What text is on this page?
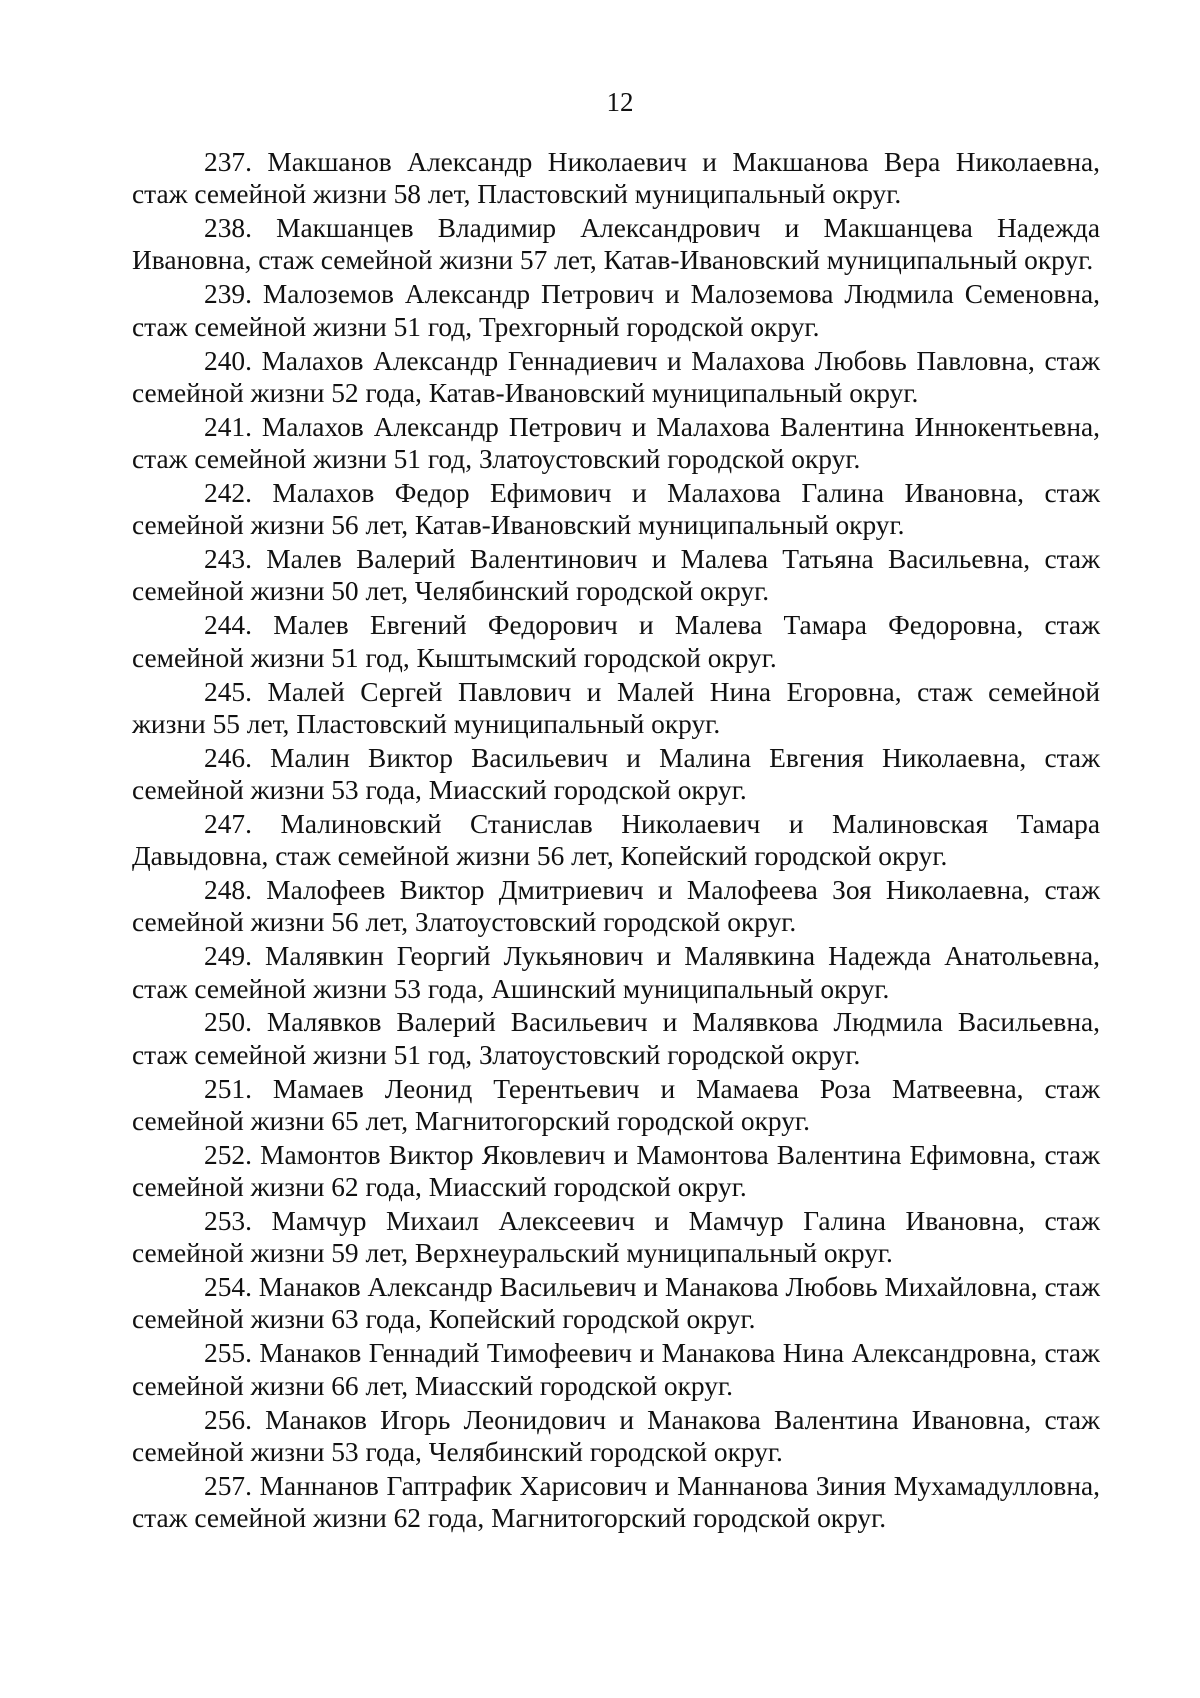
12

237. Макшанов Александр Николаевич и Макшанова Вера Николаевна, стаж семейной жизни 58 лет, Пластовский муниципальный округ.

238. Макшанцев Владимир Александрович и Макшанцева Надежда Ивановна, стаж семейной жизни 57 лет, Катав-Ивановский муниципальный округ.

239. Малоземов Александр Петрович и Малоземова Людмила Семеновна, стаж семейной жизни 51 год, Трехгорный городской округ.

240. Малахов Александр Геннадиевич и Малахова Любовь Павловна, стаж семейной жизни 52 года, Катав-Ивановский муниципальный округ.

241. Малахов Александр Петрович и Малахова Валентина Иннокентьевна, стаж семейной жизни 51 год, Златоустовский городской округ.

242. Малахов Федор Ефимович и Малахова Галина Ивановна, стаж семейной жизни 56 лет, Катав-Ивановский муниципальный округ.

243. Малев Валерий Валентинович и Малева Татьяна Васильевна, стаж семейной жизни 50 лет, Челябинский городской округ.

244. Малев Евгений Федорович и Малева Тамара Федоровна, стаж семейной жизни 51 год, Кыштымский городской округ.

245. Малей Сергей Павлович и Малей Нина Егоровна, стаж семейной жизни 55 лет, Пластовский муниципальный округ.

246. Малин Виктор Васильевич и Малина Евгения Николаевна, стаж семейной жизни 53 года, Миасский городской округ.

247. Малиновский Станислав Николаевич и Малиновская Тамара Давыдовна, стаж семейной жизни 56 лет, Копейский городской округ.

248. Малофеев Виктор Дмитриевич и Малофеева Зоя Николаевна, стаж семейной жизни 56 лет, Златоустовский городской округ.

249. Малявкин Георгий Лукьянович и Малявкина Надежда Анатольевна, стаж семейной жизни 53 года, Ашинский муниципальный округ.

250. Малявков Валерий Васильевич и Малявкова Людмила Васильевна, стаж семейной жизни 51 год, Златоустовский городской округ.

251. Мамаев Леонид Терентьевич и Мамаева Роза Матвеевна, стаж семейной жизни 65 лет, Магнитогорский городской округ.

252. Мамонтов Виктор Яковлевич и Мамонтова Валентина Ефимовна, стаж семейной жизни 62 года, Миасский городской округ.

253. Мамчур Михаил Алексеевич и Мамчур Галина Ивановна, стаж семейной жизни 59 лет, Верхнеуральский муниципальный округ.

254. Манаков Александр Васильевич и Манакова Любовь Михайловна, стаж семейной жизни 63 года, Копейский городской округ.

255. Манаков Геннадий Тимофеевич и Манакова Нина Александровна, стаж семейной жизни 66 лет, Миасский городской округ.

256. Манаков Игорь Леонидович и Манакова Валентина Ивановна, стаж семейной жизни 53 года, Челябинский городской округ.

257. Маннанов Гаптрафик Харисович и Маннанова Зиния Мухамадулловна, стаж семейной жизни 62 года, Магнитогорский городской округ.
